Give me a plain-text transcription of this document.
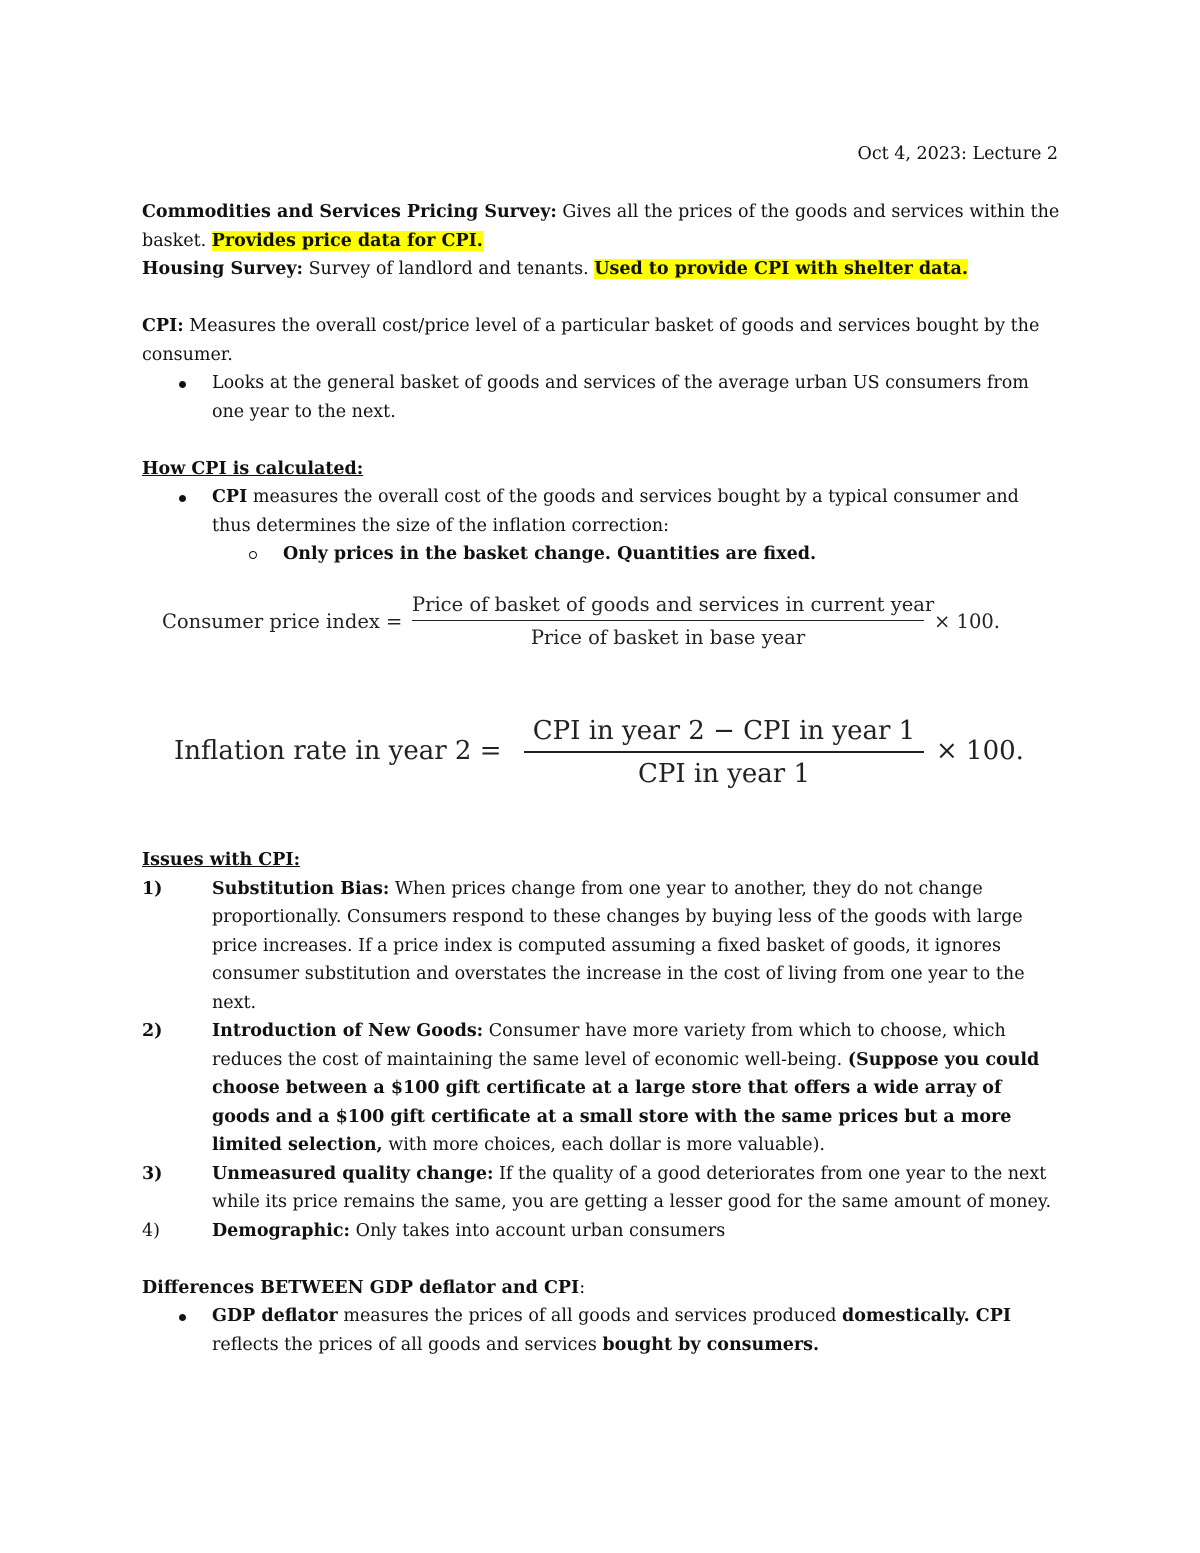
Oct 4, 2023: Lecture 2

Commodities and Services Pricing Survey: Gives all the prices of the goods and services within the basket. Provides price data for CPI.

Housing Survey: Survey of landlord and tenants. Used to provide CPI with shelter data.

CPI: Measures the overall cost/price level of a particular basket of goods and services bought by the consumer.

Looks at the general basket of goods and services of the average urban US consumers from one year to the next.

How CPI is calculated:

CPI measures the overall cost of the goods and services bought by a typical consumer and thus determines the size of the inflation correction:
Only prices in the basket change. Quantities are fixed.
Consumer price index =
Price of basket of goods and services in current year
Price of basket in base year
× 100.
Inflation rate in year 2 =
CPI in year 2 − CPI in year 1
CPI in year 1
× 100.

Issues with CPI:

1)	Substitution Bias: When prices change from one year to another, they do not change proportionally. Consumers respond to these changes by buying less of the goods with large price increases. If a price index is computed assuming a fixed basket of goods, it ignores consumer substitution and overstates the increase in the cost of living from one year to the next.
2)	Introduction of New Goods: Consumer have more variety from which to choose, which reduces the cost of maintaining the same level of economic well-being. (Suppose you could choose between a $100 gift certificate at a large store that offers a wide array of goods and a $100 gift certificate at a small store with the same prices but a more limited selection, with more choices, each dollar is more valuable).
3)	Unmeasured quality change: If the quality of a good deteriorates from one year to the next while its price remains the same, you are getting a lesser good for the same amount of money.
4)	Demographic: Only takes into account urban consumers

Differences BETWEEN GDP deflator and CPI:

GDP deflator measures the prices of all goods and services produced domestically. CPI reflects the prices of all goods and services bought by consumers.
